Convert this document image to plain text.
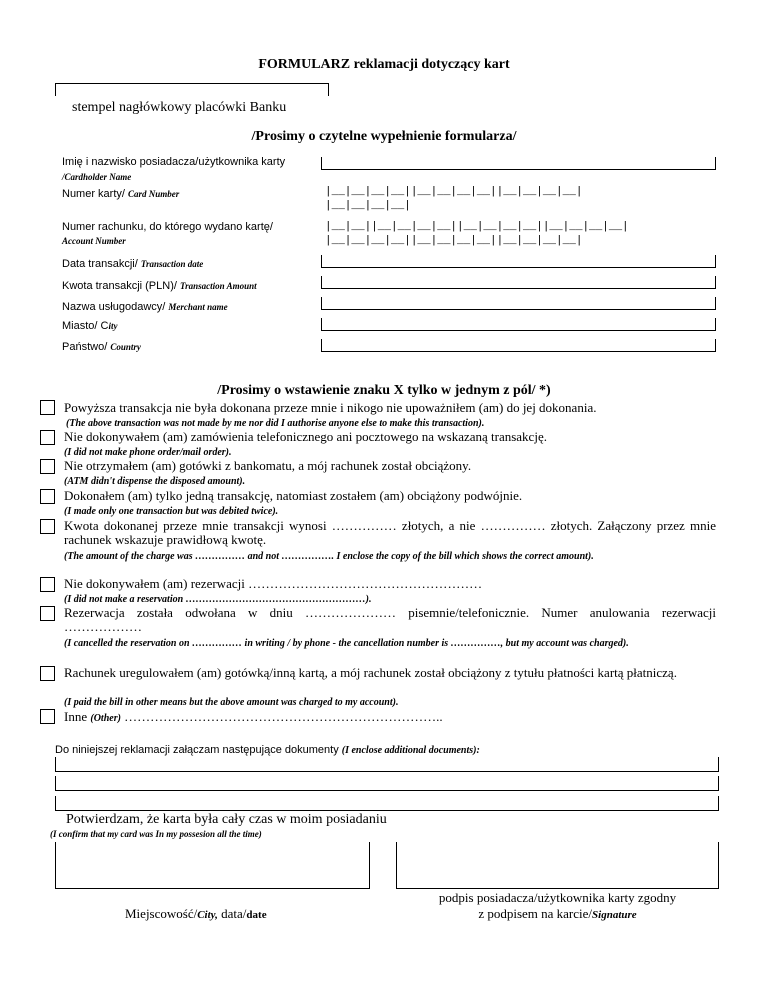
FORMULARZ reklamacji dotyczący kart
stempel nagłówkowy placówki Banku
/Prosimy o czytelne wypełnienie formularza/
Imię i nazwisko posiadacza/użytkownika karty
/Cardholder Name
Numer karty/ Card Number	|__|__|__|__||__|__|__|__||__|__|__|__|
|__|__|__|__|
Numer rachunku, do którego wydano kartę/
Account Number
|__|__||__|__|__|__||__|__|__|__||__|__|__|__|
|__|__|__|__||__|__|__|__||__|__|__|__|
Data transakcji/ Transaction date
Kwota transakcji (PLN)/ Transaction Amount
Nazwa usługodawcy/ Merchant name
Miasto/ City
Państwo/ Country
/Prosimy o wstawienie znaku X tylko w jednym z pól/ *)
Powyższa transakcja nie była dokonana przeze mnie i nikogo nie upoważniłem (am) do jej dokonania.
(The above transaction was not made by me nor did I authorise anyone else to make this transaction).
Nie dokonywałem (am) zamówienia telefonicznego ani pocztowego na wskazaną transakcję.
(I did not make phone order/mail order).
Nie otrzymałem (am) gotówki z bankomatu, a mój rachunek został obciążony.
(ATM didn't dispense the disposed amount).
Dokonałem (am) tylko jedną transakcję, natomiast zostałem (am) obciążony podwójnie.
(I made only one transaction but was debited twice).
Kwota dokonanej przeze mnie transakcji wynosi …………… złotych, a nie …………… złotych. Załączony przez mnie rachunek wskazuje prawidłową kwotę.
(The amount of the charge was …………… and not ……………. I enclose the copy of the bill which shows the correct amount).
Nie dokonywałem (am) rezerwacji ………………………………………………
(I did not make a reservation ………………………………………………).
Rezerwacja została odwołana w dniu ………………… pisemnie/telefonicznie. Numer anulowania rezerwacji ………………
(I cancelled the reservation on …………… in writing / by phone - the cancellation number is ……………, but my account was charged).
Rachunek uregulowałem (am) gotówką/inną kartą, a mój rachunek został obciążony z tytułu płatności kartą płatniczą.
(I paid the bill in other means but the above amount was charged to my account).
Inne (Other) ………………………………………………………………..
Do niniejszej reklamacji załączam następujące dokumenty (I enclose additional documents):
Potwierdzam, że karta była cały czas w moim posiadaniu
(I confirm that my card was In my possesion all the time)
Miejscowość/City, data/date
podpis posiadacza/użytkownika karty zgodny
z podpisem na karcie/Signature
